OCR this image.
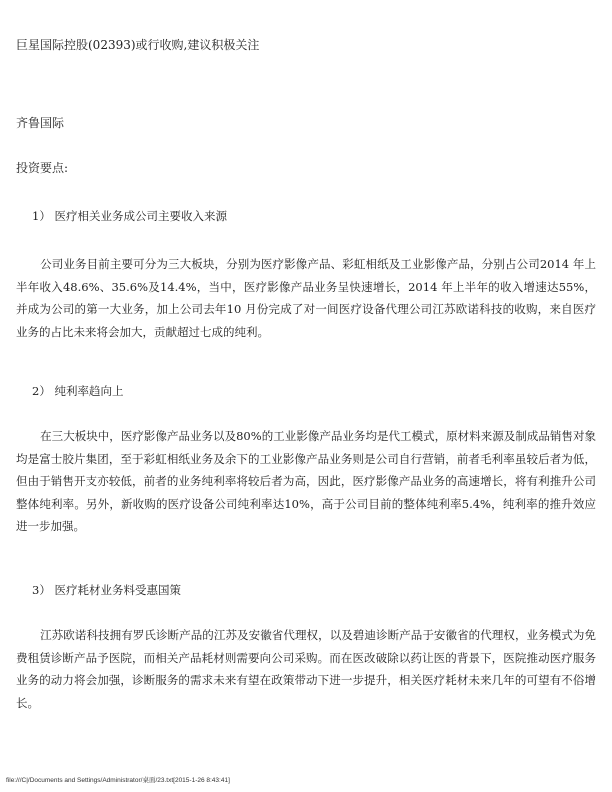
巨星国际控股(02393)或行收购,建议积极关注
齐鲁国际
投资要点:
1） 医疗相关业务成公司主要收入来源

公司业务目前主要可分为三大板块，分别为医疗影像产品、彩虹相纸及工业影像产品，分别占公司2014 年上半年收入48.6%、35.6%及14.4%，当中，医疗影像产品业务呈快速增长，2014 年上半年的收入增速达55%，并成为公司的第一大业务，加上公司去年10 月份完成了对一间医疗设备代理公司江苏欧诺科技的收购，来自医疗业务的占比未来将会加大，贡献超过七成的纯利。

2） 纯利率趋向上

在三大板块中，医疗影像产品业务以及80%的工业影像产品业务均是代工模式，原材料来源及制成品销售对象均是富士胶片集团，至于彩虹相纸业务及余下的工业影像产品业务则是公司自行营销，前者毛利率虽较后者为低，但由于销售开支亦较低，前者的业务纯利率将较后者为高，因此，医疗影像产品业务的高速增长，将有利推升公司整体纯利率。另外，新收购的医疗设备公司纯利率达10%，高于公司目前的整体纯利率5.4%，纯利率的推升效应进一步加强。

3） 医疗耗材业务料受惠国策

江苏欧诺科技拥有罗氏诊断产品的江苏及安徽省代理权，以及碧迪诊断产品于安徽省的代理权，业务模式为免费租赁诊断产品予医院，而相关产品耗材则需要向公司采购。而在医改破除以药让医的背景下，医院推动医疗服务业务的动力将会加强，诊断服务的需求未来有望在政策带动下进一步提升，相关医疗耗材未来几年的可望有不俗增长。

file:///C|/Documents and Settings/Administrator/桌面/23.txt[2015-1-26 8:43:41]
